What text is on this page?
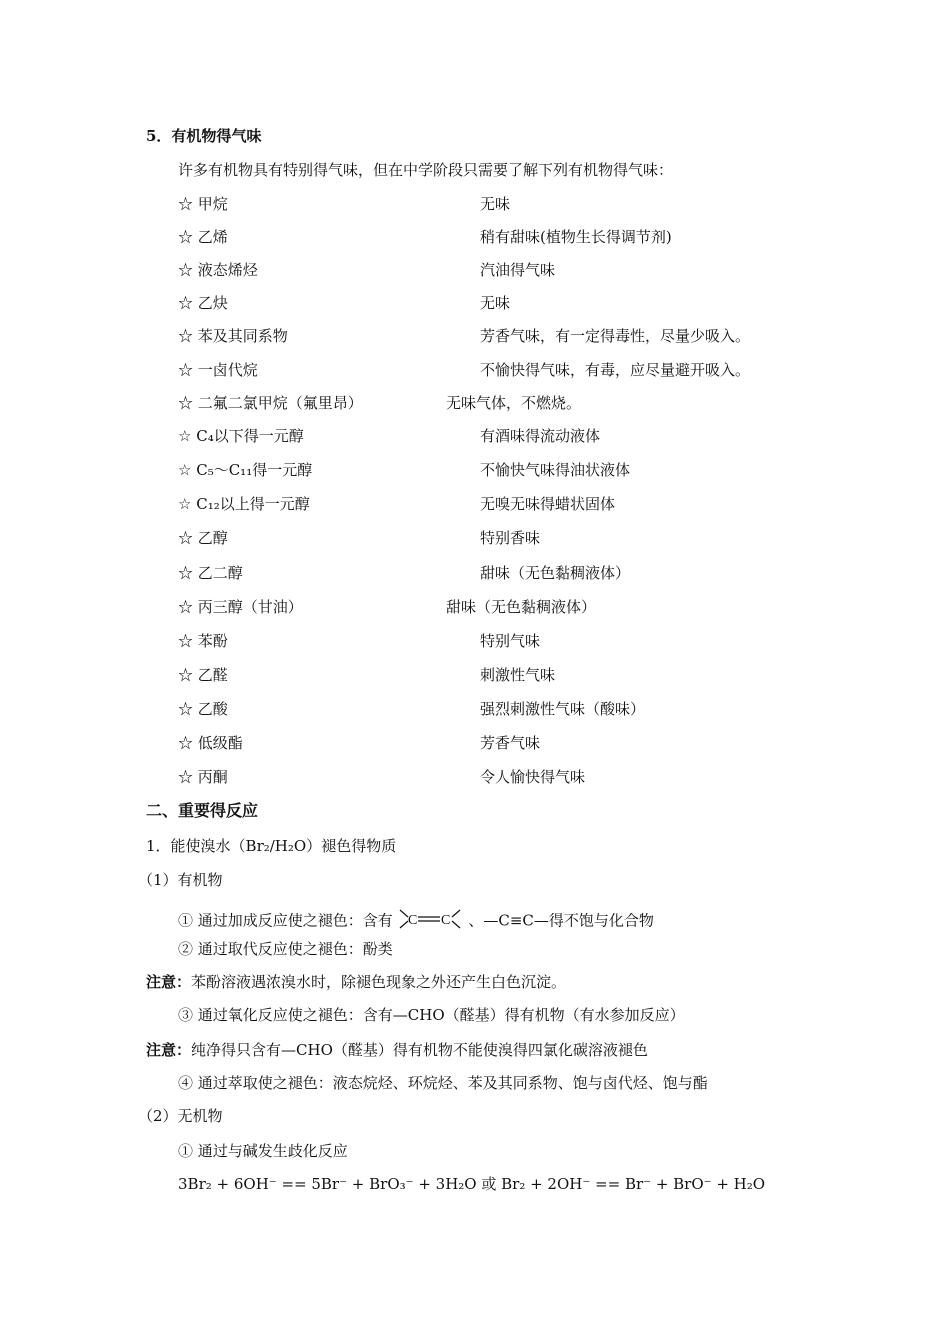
5．有机物得气味
许多有机物具有特别得气味，但在中学阶段只需要了解下列有机物得气味：
☆ 甲烷	无味
☆ 乙烯	稍有甜味(植物生长得调节剂)
☆ 液态烯烃	汽油得气味
☆ 乙炔	无味
☆ 苯及其同系物	芳香气味，有一定得毒性，尽量少吸入。
☆ 一卤代烷	不愉快得气味，有毒，应尽量避开吸入。
☆ 二氟二氯甲烷（氟里昂）	无味气体，不燃烧。
☆ C₄以下得一元醇	有酒味得流动液体
☆ C₅～C₁₁得一元醇	不愉快气味得油状液体
☆ C₁₂以上得一元醇	无嗅无味得蜡状固体
☆ 乙醇	特别香味
☆ 乙二醇	甜味（无色黏稠液体）
☆ 丙三醇（甘油）	甜味（无色黏稠液体）
☆ 苯酚	特别气味
☆ 乙醛	刺激性气味
☆ 乙酸	强烈刺激性气味（酸味）
☆ 低级酯	芳香气味
☆ 丙酮	令人愉快得气味
二、重要得反应
1．能使溴水（Br₂/H₂O）褪色得物质
（1）有机物
① 通过加成反应使之褪色：含有 C C 、—C≡C—得不饱与化合物
② 通过取代反应使之褪色：酚类
注意：苯酚溶液遇浓溴水时，除褪色现象之外还产生白色沉淀。
③ 通过氧化反应使之褪色：含有—CHO（醛基）得有机物（有水参加反应）
注意：纯净得只含有—CHO（醛基）得有机物不能使溴得四氯化碳溶液褪色
④ 通过萃取使之褪色：液态烷烃、环烷烃、苯及其同系物、饱与卤代烃、饱与酯
（2）无机物
① 通过与碱发生歧化反应
3Br₂ + 6OH⁻ == 5Br⁻ + BrO₃⁻ + 3H₂O 或 Br₂ + 2OH⁻ == Br⁻ + BrO⁻ + H₂O
